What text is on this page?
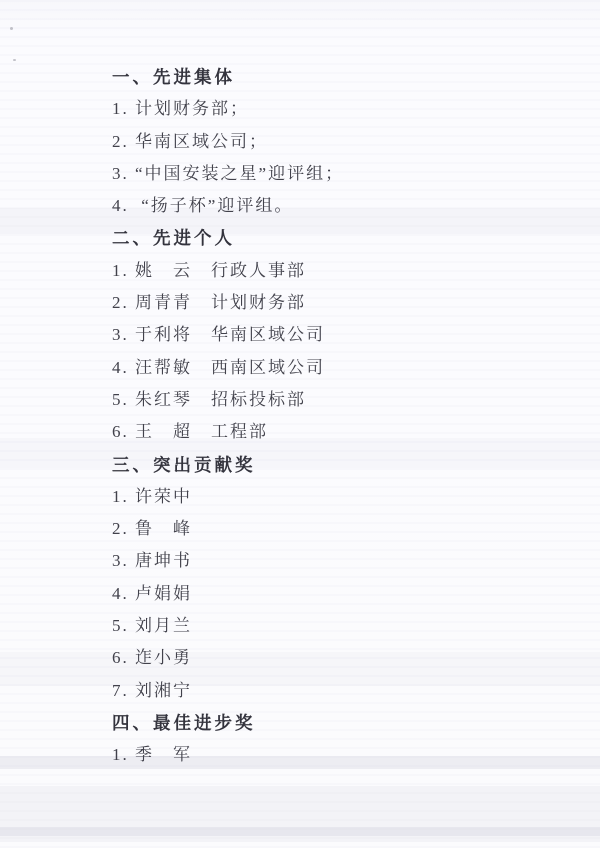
一、先进集体
1. 计划财务部；
2. 华南区域公司；
3. “中国安装之星”迎评组；
4.  “扬子杯”迎评组。
二、先进个人
1. 姚　云　行政人事部
2. 周青青　计划财务部
3. 于利将　华南区域公司
4. 汪帮敏　西南区域公司
5. 朱红琴　招标投标部
6. 王　超　工程部
三、突出贡献奖
1. 许荣中
2. 鲁　峰
3. 唐坤书
4. 卢娟娟
5. 刘月兰
6. 迮小勇
7. 刘湘宁
四、最佳进步奖
1. 季　军
